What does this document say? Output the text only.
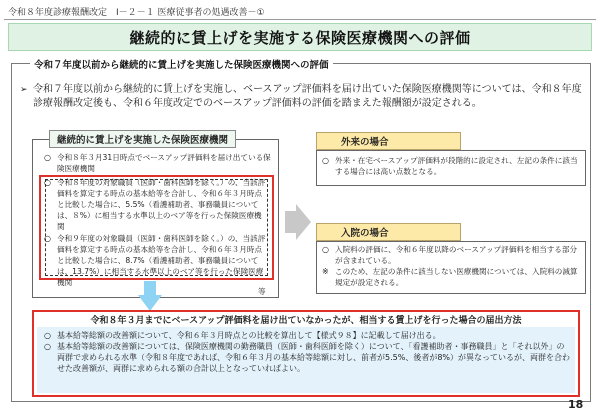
令和８年度診療報酬改定　Ⅰ－２－１ 医療従事者の処遇改善－①
継続的に賃上げを実施する保険医療機関への評価
令和７年度以前から継続的に賃上げを実施した保険医療機関への評価
➢ 令和７年度以前から継続的に賃上げを実施し、ベースアップ評価料を届け出ていた保険医療機関等については、令和８年度診療報酬改定後も、令和６年度改定でのベースアップ評価料の評価を踏まえた報酬額が設定される。
継続的に賃上げを実施した保険医療機関
○ 令和８年３月31日時点でベースアップ評価料を届け出ている保険医療機関
○ 令和８年度の対象職員（医師・歯科医師を除く。）の、当該評価料を算定する時点の基本給等を合計し、令和６年３月時点と比較した場合に、5.5%（看護補助者、事務職員については、８%）に相当する水準以上のベア等を行った保険医療機関
○ 令和９年度の対象職員（医師・歯科医師を除く。）の、当該評価料を算定する時点の基本給等を合計し、令和６年３月時点と比較した場合に、8.7%（看護補助者、事務職員については、13.7%）に相当する水準以上のベア等を行った保険医療機関
等
外来の場合
○ 外来・在宅ベースアップ評価料が段階的に設定され、左記の条件に該当する場合には高い点数となる。
入院の場合
○ 入院料の評価に、令和６年度以降のベースアップ評価料を相当する部分が含まれている。
※ このため、左記の条件に該当しない医療機関については、入院料の減算規定が設定される。
令和８年３月までにベースアップ評価料を届け出ていなかったが、相当する賃上げを行った場合の届出方法
○ 基本給等総額の改善額について、令和６年３月時点との比較を算出して【様式９８】に記載して届け出る。
○ 基本給等総額の改善額については、保険医療機関の勤務職員（医師・歯科医師を除く）について、「看護補助者・事務職員」と「それ以外」の両群で求められる水準（令和８年度であれば、令和６年３月の基本給等総額に対し、前者が5.5%、後者が8%）が異なっているが、両群を合わせた改善額が、両群に求められる額の合計以上となっていればよい。
18
